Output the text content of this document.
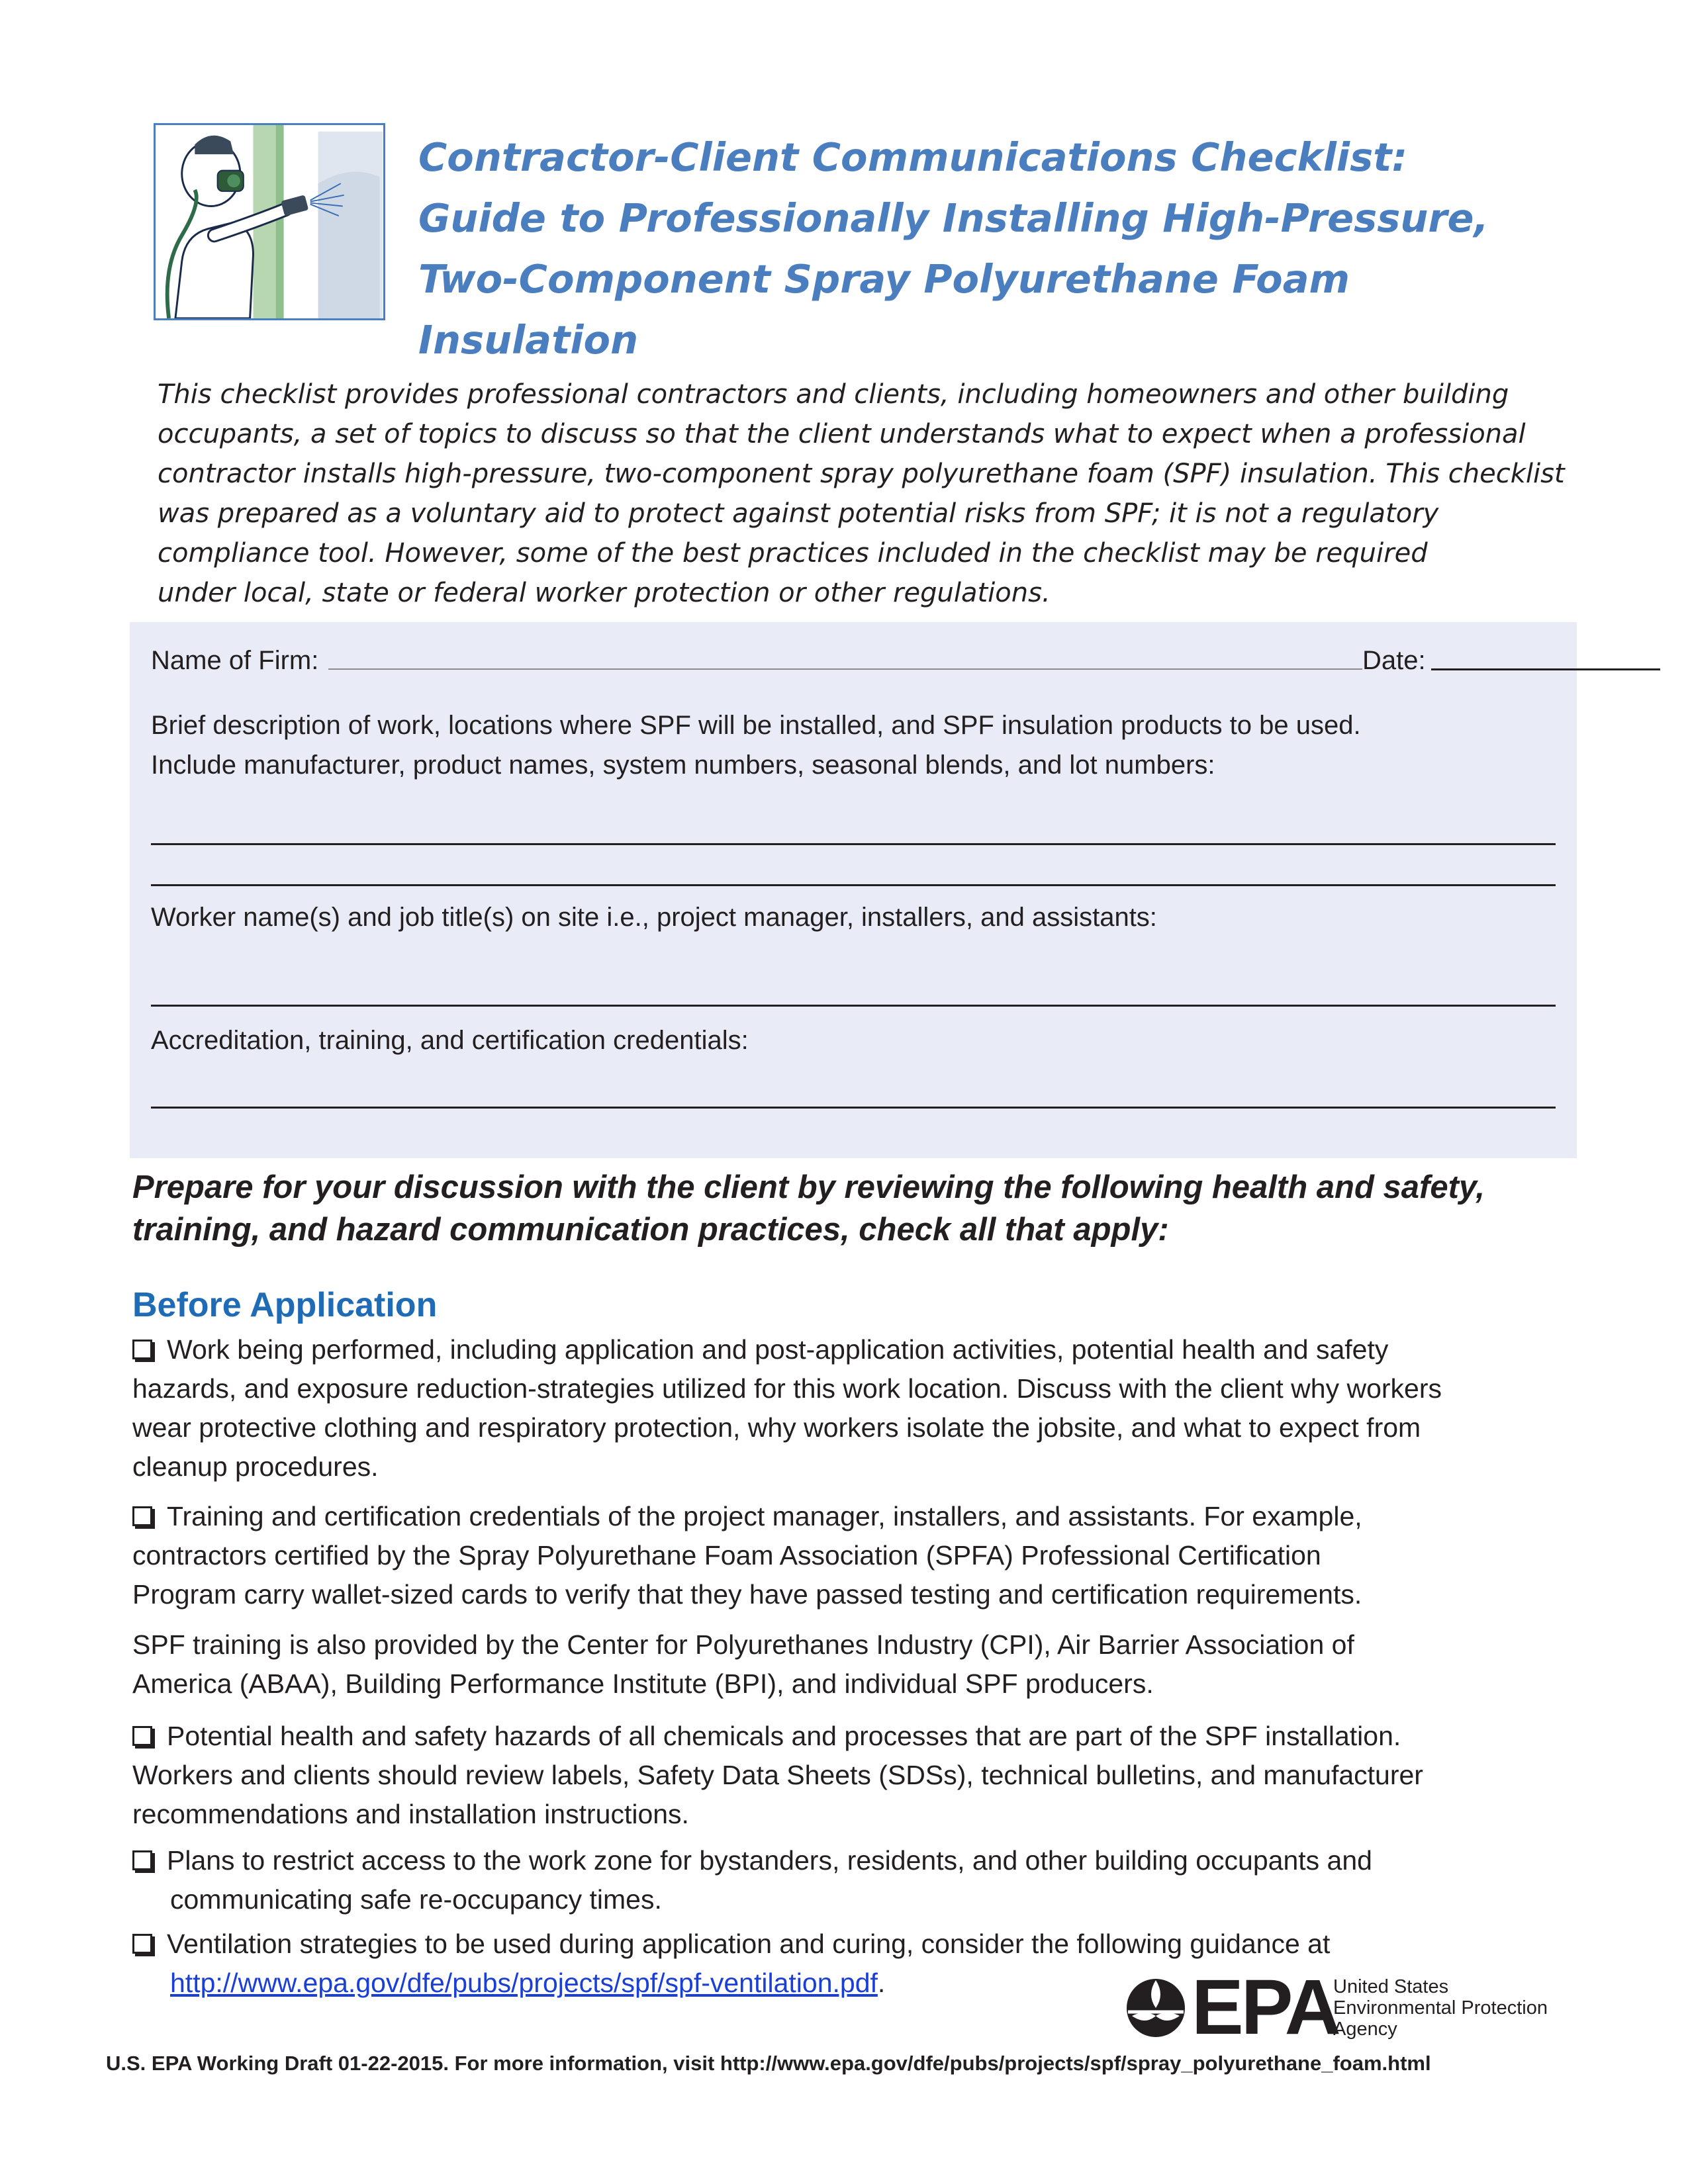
Contractor-Client Communications Checklist:
Guide to Professionally Installing High-Pressure,
Two-Component Spray Polyurethane Foam
Insulation
This checklist provides professional contractors and clients, including homeowners and other building
occupants, a set of topics to discuss so that the client understands what to expect when a professional
contractor installs high-pressure, two-component spray polyurethane foam (SPF) insulation. This checklist
was prepared as a voluntary aid to protect against potential risks from SPF; it is not a regulatory
compliance tool. However, some of the best practices included in the checklist may be required
under local, state or federal worker protection or other regulations.
Name of Firm:	Date:
Brief description of work, locations where SPF will be installed, and SPF insulation products to be used.
Include manufacturer, product names, system numbers, seasonal blends, and lot numbers:
Worker name(s) and job title(s) on site i.e., project manager, installers, and assistants:
Accreditation, training, and certification credentials:
Prepare for your discussion with the client by reviewing the following health and safety,
training, and hazard communication practices, check all that apply:
Before Application
Work being performed, including application and post-application activities, potential health and safety
hazards, and exposure reduction-strategies utilized for this work location. Discuss with the client why workers
wear protective clothing and respiratory protection, why workers isolate the jobsite, and what to expect from
cleanup procedures.
Training and certification credentials of the project manager, installers, and assistants. For example,
contractors certified by the Spray Polyurethane Foam Association (SPFA) Professional Certification
Program carry wallet-sized cards to verify that they have passed testing and certification requirements.
SPF training is also provided by the Center for Polyurethanes Industry (CPI), Air Barrier Association of
America (ABAA), Building Performance Institute (BPI), and individual SPF producers.
Potential health and safety hazards of all chemicals and processes that are part of the SPF installation.
Workers and clients should review labels, Safety Data Sheets (SDSs), technical bulletins, and manufacturer
recommendations and installation instructions.
Plans to restrict access to the work zone for bystanders, residents, and other building occupants and
communicating safe re-occupancy times.
Ventilation strategies to be used during application and curing, consider the following guidance at
http://www.epa.gov/dfe/pubs/projects/spf/spf-ventilation.pdf.	EPA
United States
Environmental Protection
Agency
U.S. EPA Working Draft 01-22-2015. For more information, visit http://www.epa.gov/dfe/pubs/projects/spf/spray_polyurethane_foam.html
